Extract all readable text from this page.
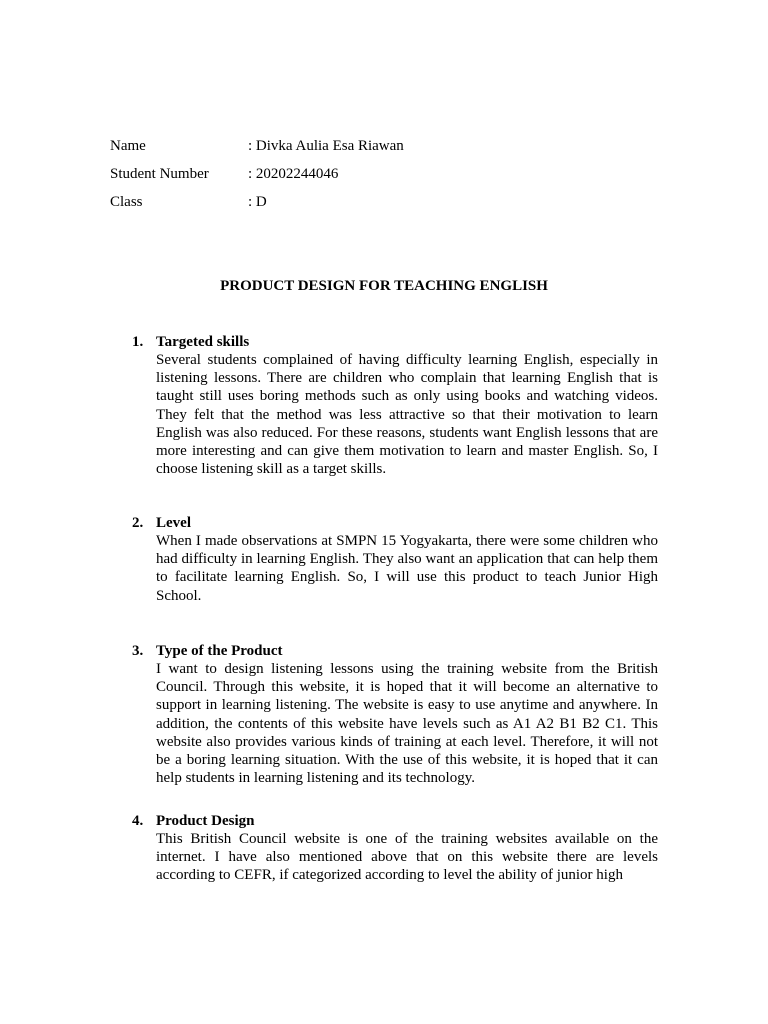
Name	: Divka Aulia Esa Riawan
Student Number	: 20202244046
Class	: D
PRODUCT DESIGN FOR TEACHING ENGLISH
1. Targeted skills
Several students complained of having difficulty learning English, especially in listening lessons. There are children who complain that learning English that is taught still uses boring methods such as only using books and watching videos. They felt that the method was less attractive so that their motivation to learn English was also reduced. For these reasons, students want English lessons that are more interesting and can give them motivation to learn and master English. So, I choose listening skill as a target skills.
2. Level
When I made observations at SMPN 15 Yogyakarta, there were some children who had difficulty in learning English. They also want an application that can help them to facilitate learning English. So, I will use this product to teach Junior High School.
3. Type of the Product
I want to design listening lessons using the training website from the British Council. Through this website, it is hoped that it will become an alternative to support in learning listening. The website is easy to use anytime and anywhere. In addition, the contents of this website have levels such as A1 A2 B1 B2 C1. This website also provides various kinds of training at each level. Therefore, it will not be a boring learning situation. With the use of this website, it is hoped that it can help students in learning listening and its technology.
4. Product Design
This British Council website is one of the training websites available on the internet. I have also mentioned above that on this website there are levels according to CEFR, if categorized according to level the ability of junior high
